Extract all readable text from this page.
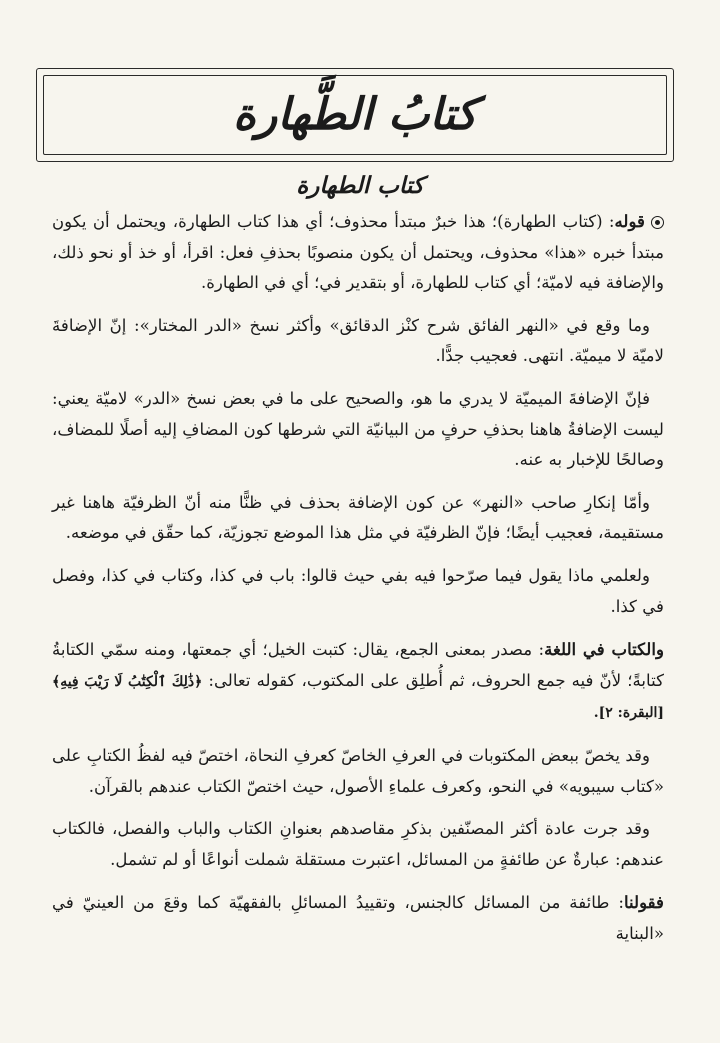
كتابُ الطَّهارة
كتاب الطهارة

قوله: (كتاب الطهارة)؛ هذا خبرٌ مبتدأ محذوف؛ أي هذا كتاب الطهارة، ويحتمل أن يكون مبتدأ خبره «هذا» محذوف، ويحتمل أن يكون منصوبًا بحذفِ فعل: اقرأ، أو خذ أو نحو ذلك، والإضافة فيه لاميّة؛ أي كتاب للطهارة، أو بتقدير في؛ أي في الطهارة.

وما وقع في «النهر الفائق شرح كنْز الدقائق» وأكثر نسخ «الدر المختار»: إنّ الإضافةَ لاميّة لا ميميّة. انتهى. فعجيب جدًّا.

فإنّ الإضافةَ الميميّة لا يدري ما هو، والصحيح على ما في بعض نسخ «الدر» لاميّة يعني: ليست الإضافةُ هاهنا بحذفِ حرفٍ من البيانيّة التي شرطها كون المضافِ إليه أصلًا للمضاف، وصالحًا للإخبار به عنه.

وأمّا إنكارِ صاحب «النهر» عن كون الإضافة بحذف في ظنًّا منه أنّ الظرفيّة هاهنا غير مستقيمة، فعجيب أيضًا؛ فإنّ الظرفيّة في مثل هذا الموضع تجوزيّة، كما حقّق في موضعه.

ولعلمي ماذا يقول فيما صرّحوا فيه بفي حيث قالوا: باب في كذا، وكتاب في كذا، وفصل في كذا.

والكتاب في اللغة: مصدر بمعنى الجمع، يقال: كتبت الخيل؛ أي جمعتها، ومنه سمّي الكتابةُ كتابةً؛ لأنّ فيه جمع الحروف، ثم أُطلِق على المكتوب، كقوله تعالى: ﴿ذَٰلِكَ ٱلْكِتَٰبُ لَا رَيْبَ فِيهِ﴾ [البقرة: ٢].

وقد يخصّ ببعض المكتوبات في العرفِ الخاصّ كعرفِ النحاة، اختصّ فيه لفظُ الكتابِ على «كتاب سيبويه» في النحو، وكعرف علماءِ الأصول، حيث اختصّ الكتاب عندهم بالقرآن.

وقد جرت عادة أكثر المصنّفين بذكرِ مقاصدهم بعنوانِ الكتاب والباب والفصل، فالكتاب عندهم: عبارةٌ عن طائفةٍ من المسائل، اعتبرت مستقلة شملت أنواعًا أو لم تشمل.

فقولنا: طائفة من المسائل كالجنس، وتقييدُ المسائلِ بالفقهيّة كما وقعَ من العينيّ في «البناية
